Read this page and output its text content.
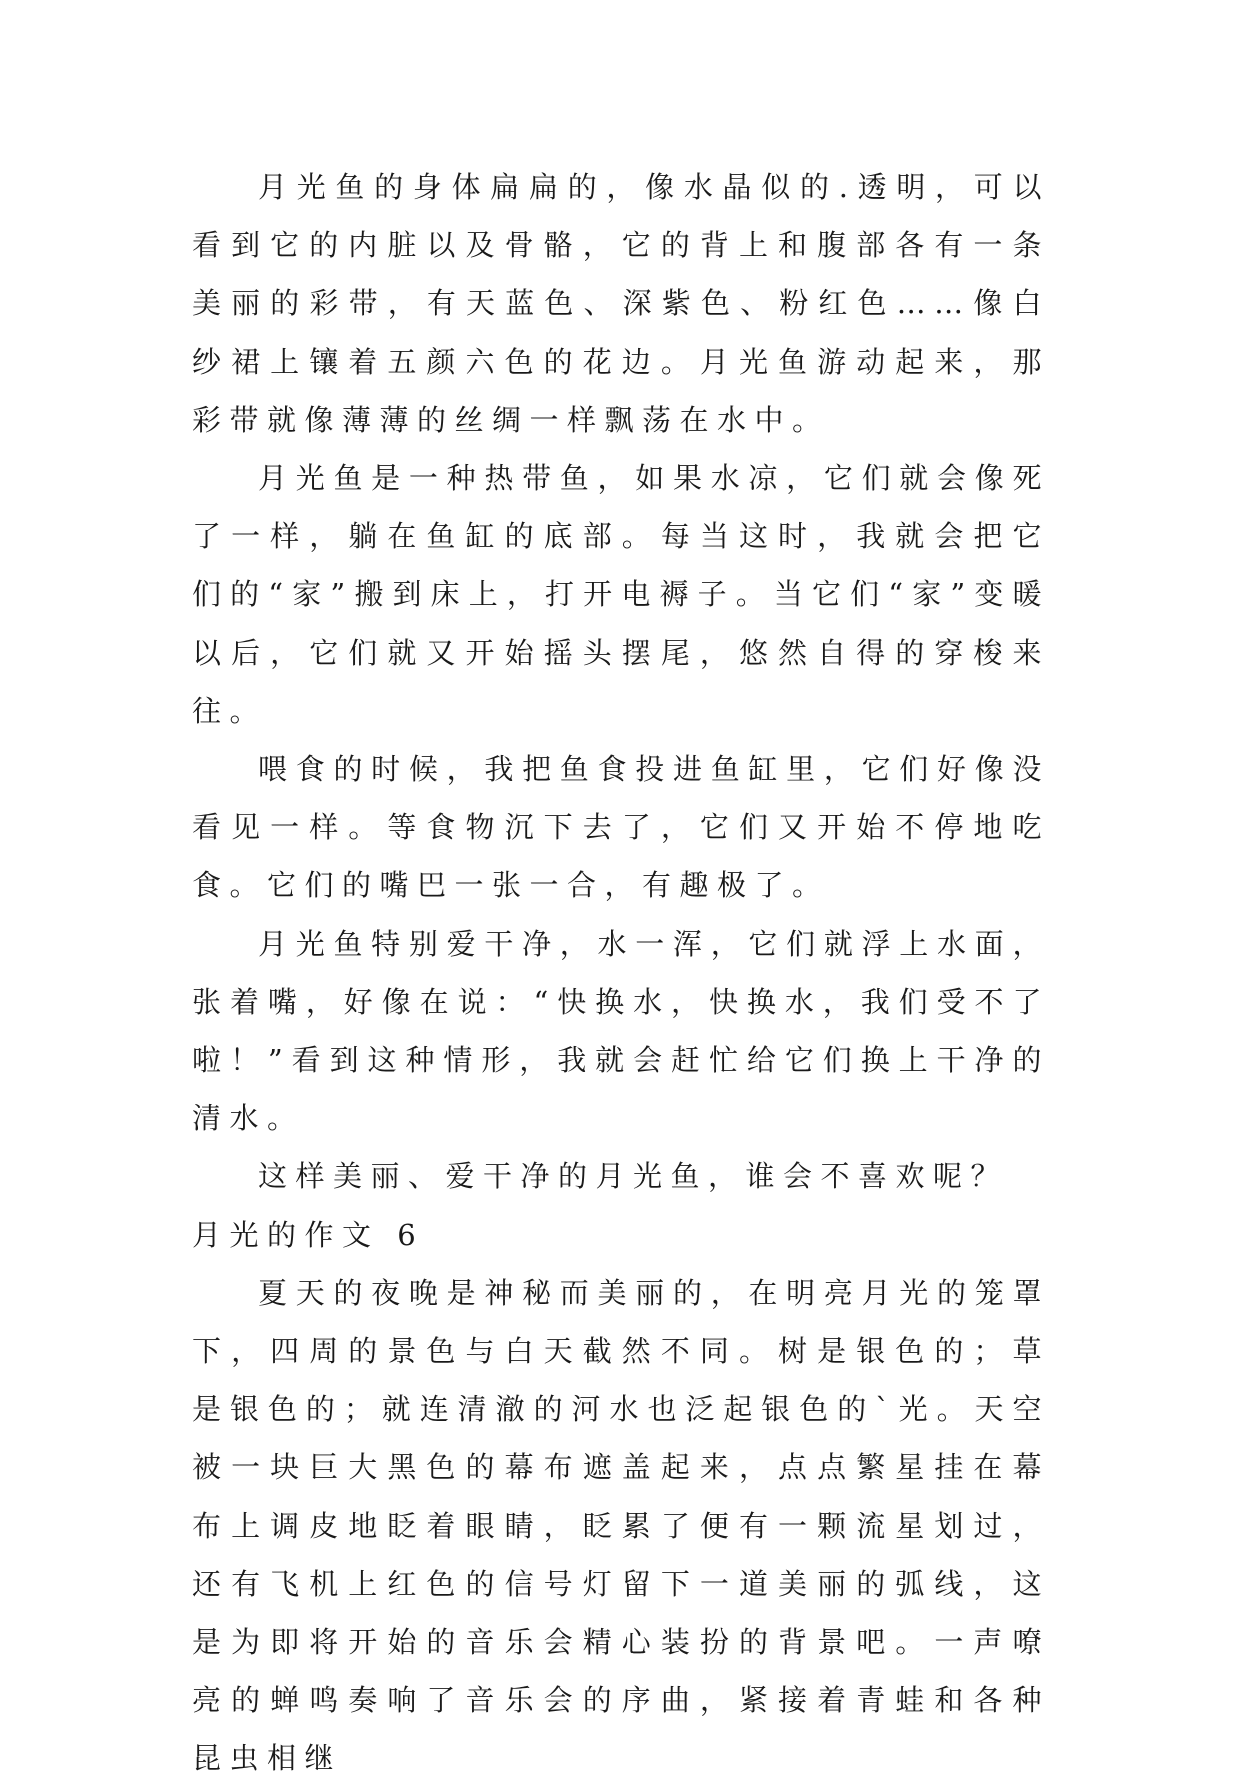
月光鱼的身体扁扁的，像水晶似的.透明，可以看到它的内脏以及骨骼，它的背上和腹部各有一条美丽的彩带，有天蓝色、深紫色、粉红色……像白纱裙上镶着五颜六色的花边。月光鱼游动起来，那彩带就像薄薄的丝绸一样飘荡在水中。

月光鱼是一种热带鱼，如果水凉，它们就会像死了一样，躺在鱼缸的底部。每当这时，我就会把它们的“家”搬到床上，打开电褥子。当它们“家”变暖以后，它们就又开始摇头摆尾，悠然自得的穿梭来往。

喂食的时候，我把鱼食投进鱼缸里，它们好像没看见一样。等食物沉下去了，它们又开始不停地吃食。它们的嘴巴一张一合，有趣极了。

月光鱼特别爱干净，水一浑，它们就浮上水面，张着嘴，好像在说：“快换水，快换水，我们受不了啦！”看到这种情形，我就会赶忙给它们换上干净的清水。

这样美丽、爱干净的月光鱼，谁会不喜欢呢？

月光的作文 6

夏天的夜晚是神秘而美丽的，在明亮月光的笼罩下，四周的景色与白天截然不同。树是银色的；草是银色的；就连清澈的河水也泛起银色的`光。天空被一块巨大黑色的幕布遮盖起来，点点繁星挂在幕布上调皮地眨着眼睛，眨累了便有一颗流星划过，还有飞机上红色的信号灯留下一道美丽的弧线，这是为即将开始的音乐会精心装扮的背景吧。一声嘹亮的蝉鸣奏响了音乐会的序曲，紧接着青蛙和各种昆虫相继
